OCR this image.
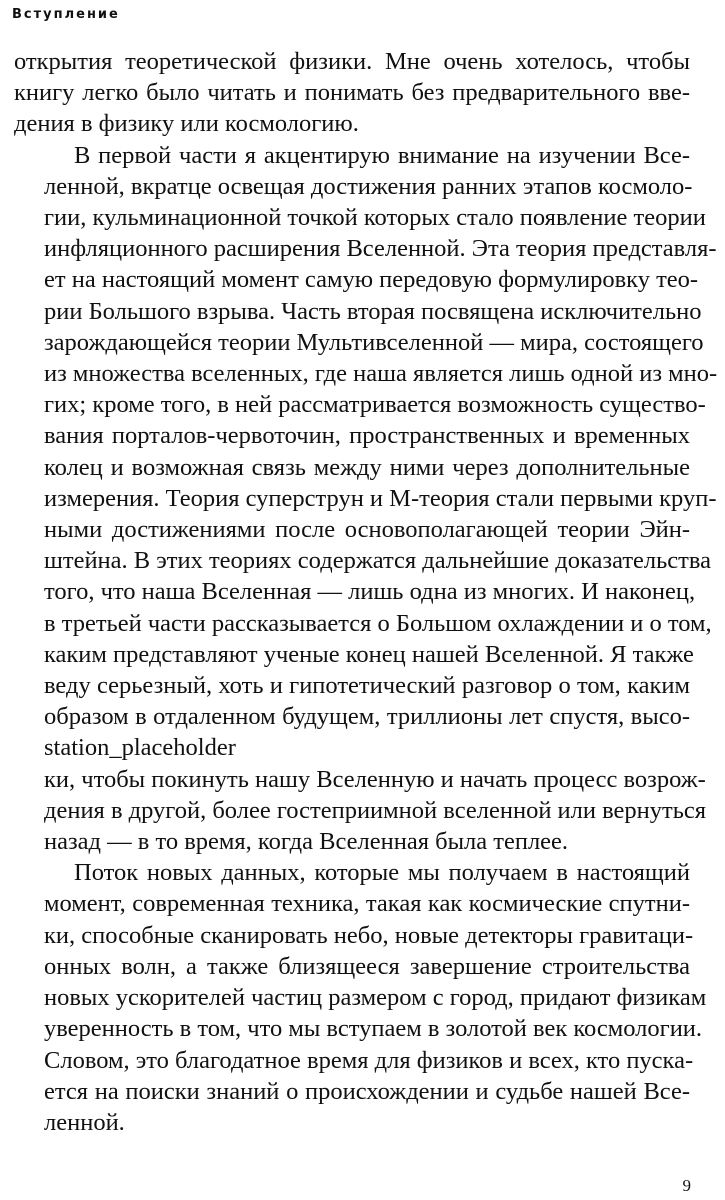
Вступление
открытия теоретической физики. Мне очень хотелось, чтобы
книгу легко было читать и понимать без предварительного вве-
дения в физику или космологию.
В первой части я акцентирую внимание на изучении Все-
ленной, вкратце освещая достижения ранних этапов космоло-
гии, кульминационной точкой которых стало появление теории
инфляционного расширения Вселенной. Эта теория представля-
ет на настоящий момент самую передовую формулировку тео-
рии Большого взрыва. Часть вторая посвящена исключительно
зарождающейся теории Мультивселенной — мира, состоящего
из множества вселенных, где наша является лишь одной из мно-
гих; кроме того, в ней рассматривается возможность существо-
вания порталов-червоточин, пространственных и временных
колец и возможная связь между ними через дополнительные
измерения. Теория суперструн и М-теория стали первыми круп-
ными достижениями после основополагающей теории Эйн-
штейна. В этих теориях содержатся дальнейшие доказательства
того, что наша Вселенная — лишь одна из многих. И наконец,
в третьей части рассказывается о Большом охлаждении и о том,
каким представляют ученые конец нашей Вселенной. Я также
веду серьезный, хоть и гипотетический разговор о том, каким
образом в отдаленном будущем, триллионы лет спустя, высо-
station_placeholder
ки, чтобы покинуть нашу Вселенную и начать процесс возрож-
дения в другой, более гостеприимной вселенной или вернуться
назад — в то время, когда Вселенная была теплее.
Поток новых данных, которые мы получаем в настоящий
момент, современная техника, такая как космические спутни-
ки, способные сканировать небо, новые детекторы гравитаци-
онных волн, а также близящееся завершение строительства
новых ускорителей частиц размером с город, придают физикам
уверенность в том, что мы вступаем в золотой век космологии.
Словом, это благодатное время для физиков и всех, кто пуска-
ется на поиски знаний о происхождении и судьбе нашей Все-
ленной.
9
